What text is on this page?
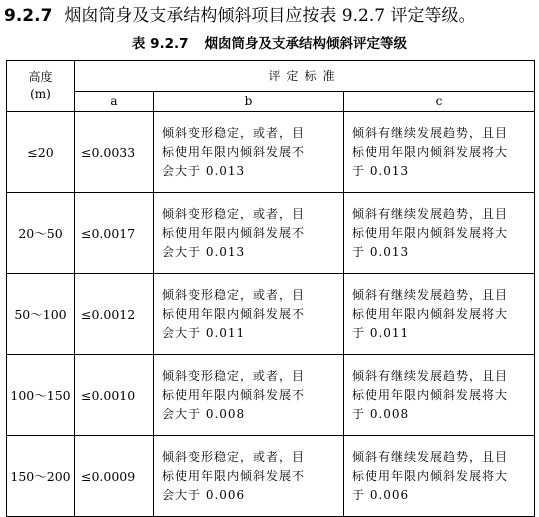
9.2.7 烟囱筒身及支承结构倾斜项目应按表 9.2.7 评定等级。
表 9.2.7 烟囱筒身及支承结构倾斜评定等级
高度
(m)	评定标准		
	a	b	c
≤20	≤0.0033	倾斜变形稳定，或者，目
标使用年限内倾斜发展不
会大于 0.013	倾斜有继续发展趋势，且目
标使用年限内倾斜发展将大
于 0.013

20～50	≤0.0017	倾斜变形稳定，或者，目
标使用年限内倾斜发展不
会大于 0.013	倾斜有继续发展趋势，且目
标使用年限内倾斜发展将大
于 0.013

50～100	≤0.0012	倾斜变形稳定，或者，目
标使用年限内倾斜发展不
会大于 0.011	倾斜有继续发展趋势，且目
标使用年限内倾斜发展将大
于 0.011

100～150	≤0.0010	倾斜变形稳定，或者，目
标使用年限内倾斜发展不
会大于 0.008	倾斜有继续发展趋势，且目
标使用年限内倾斜发展将大
于 0.008

150～200	≤0.0009	倾斜变形稳定，或者，目
标使用年限内倾斜发展不
会大于 0.006	倾斜有继续发展趋势，且目
标使用年限内倾斜发展将大
于 0.006
